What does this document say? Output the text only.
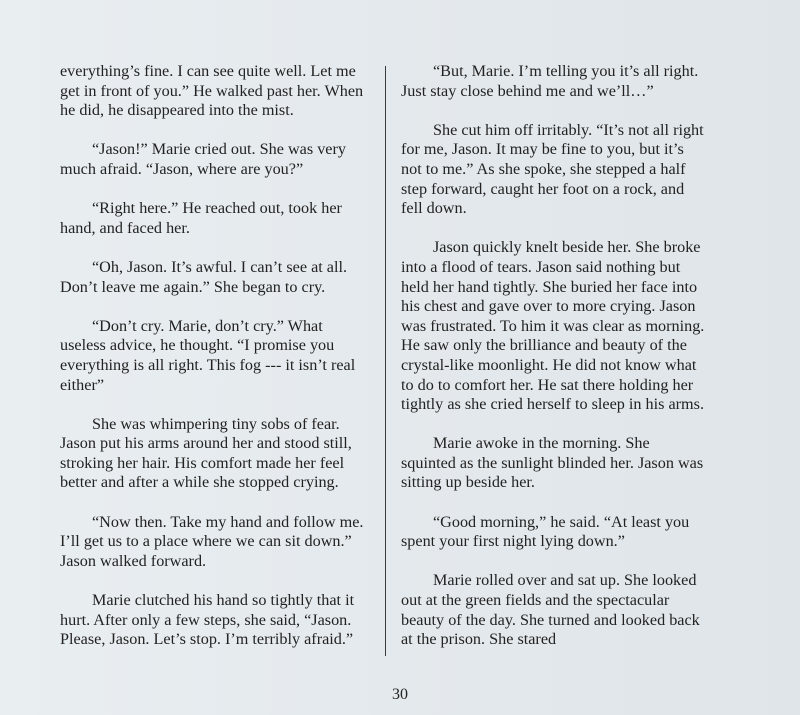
everything’s fine. I can see quite well. Let me get in front of you.” He walked past her. When he did, he disappeared into the mist.

“Jason!” Marie cried out. She was very much afraid. “Jason, where are you?”

“Right here.” He reached out, took her hand, and faced her.

“Oh, Jason. It’s awful. I can’t see at all. Don’t leave me again.” She began to cry.

“Don’t cry. Marie, don’t cry.” What useless advice, he thought. “I promise you everything is all right. This fog --- it isn’t real either”

She was whimpering tiny sobs of fear. Jason put his arms around her and stood still, stroking her hair. His comfort made her feel better and after a while she stopped crying.

“Now then. Take my hand and follow me. I’ll get us to a place where we can sit down.” Jason walked forward.

Marie clutched his hand so tightly that it hurt. After only a few steps, she said, “Jason. Please, Jason. Let’s stop. I’m terribly afraid.”

“But, Marie. I’m telling you it’s all right. Just stay close behind me and we’ll…”

She cut him off irritably. “It’s not all right for me, Jason. It may be fine to you, but it’s not to me.” As she spoke, she stepped a half step forward, caught her foot on a rock, and fell down.

Jason quickly knelt beside her. She broke into a flood of tears. Jason said nothing but held her hand tightly. She buried her face into his chest and gave over to more crying. Jason was frustrated. To him it was clear as morning. He saw only the brilliance and beauty of the crystal-like moonlight. He did not know what to do to comfort her. He sat there holding her tightly as she cried herself to sleep in his arms.

Marie awoke in the morning. She squinted as the sunlight blinded her. Jason was sitting up beside her.

“Good morning,” he said. “At least you spent your first night lying down.”

Marie rolled over and sat up. She looked out at the green fields and the spectacular beauty of the day. She turned and looked back at the prison. She stared

30
